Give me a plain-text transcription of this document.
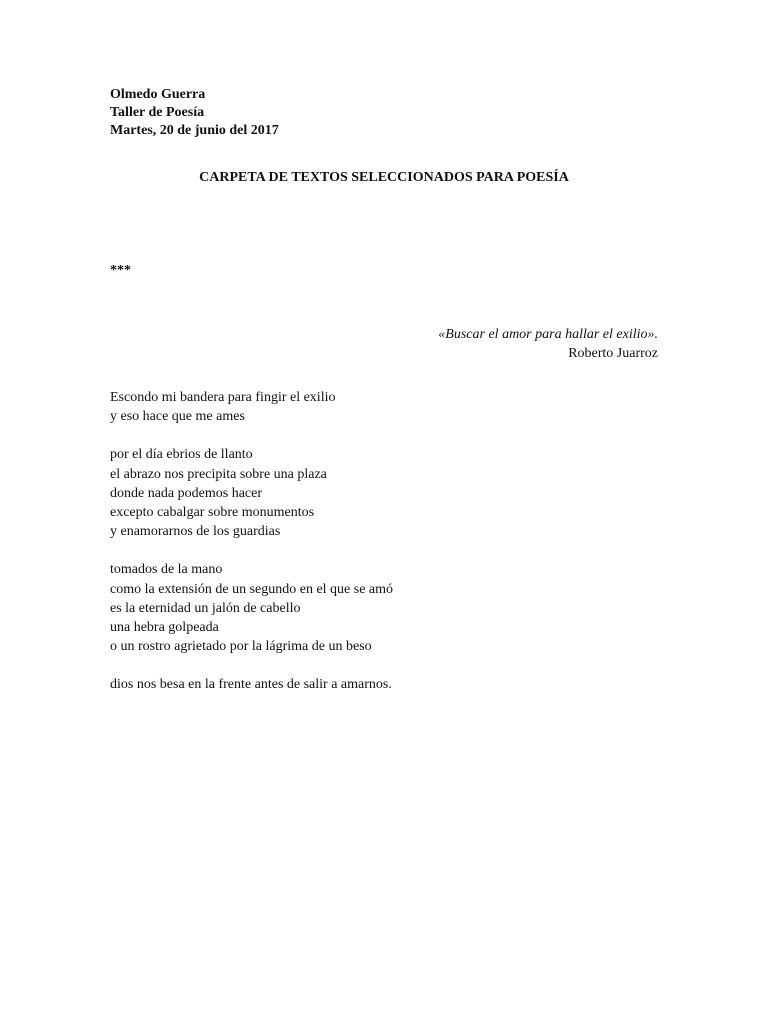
Olmedo Guerra
Taller de Poesía
Martes, 20 de junio del 2017
CARPETA DE TEXTOS SELECCIONADOS PARA POESÍA
***
«Buscar el amor para hallar el exilio».
Roberto Juarroz
Escondo mi bandera para fingir el exilio
y eso hace que me ames
por el día ebrios de llanto
el abrazo nos precipita sobre una plaza
donde nada podemos hacer
excepto cabalgar sobre monumentos
y enamorarnos de los guardias
tomados de la mano
como la extensión de un segundo en el que se amó
es la eternidad un jalón de cabello
una hebra golpeada
o un rostro agrietado por la lágrima de un beso
dios nos besa en la frente antes de salir a amarnos.
